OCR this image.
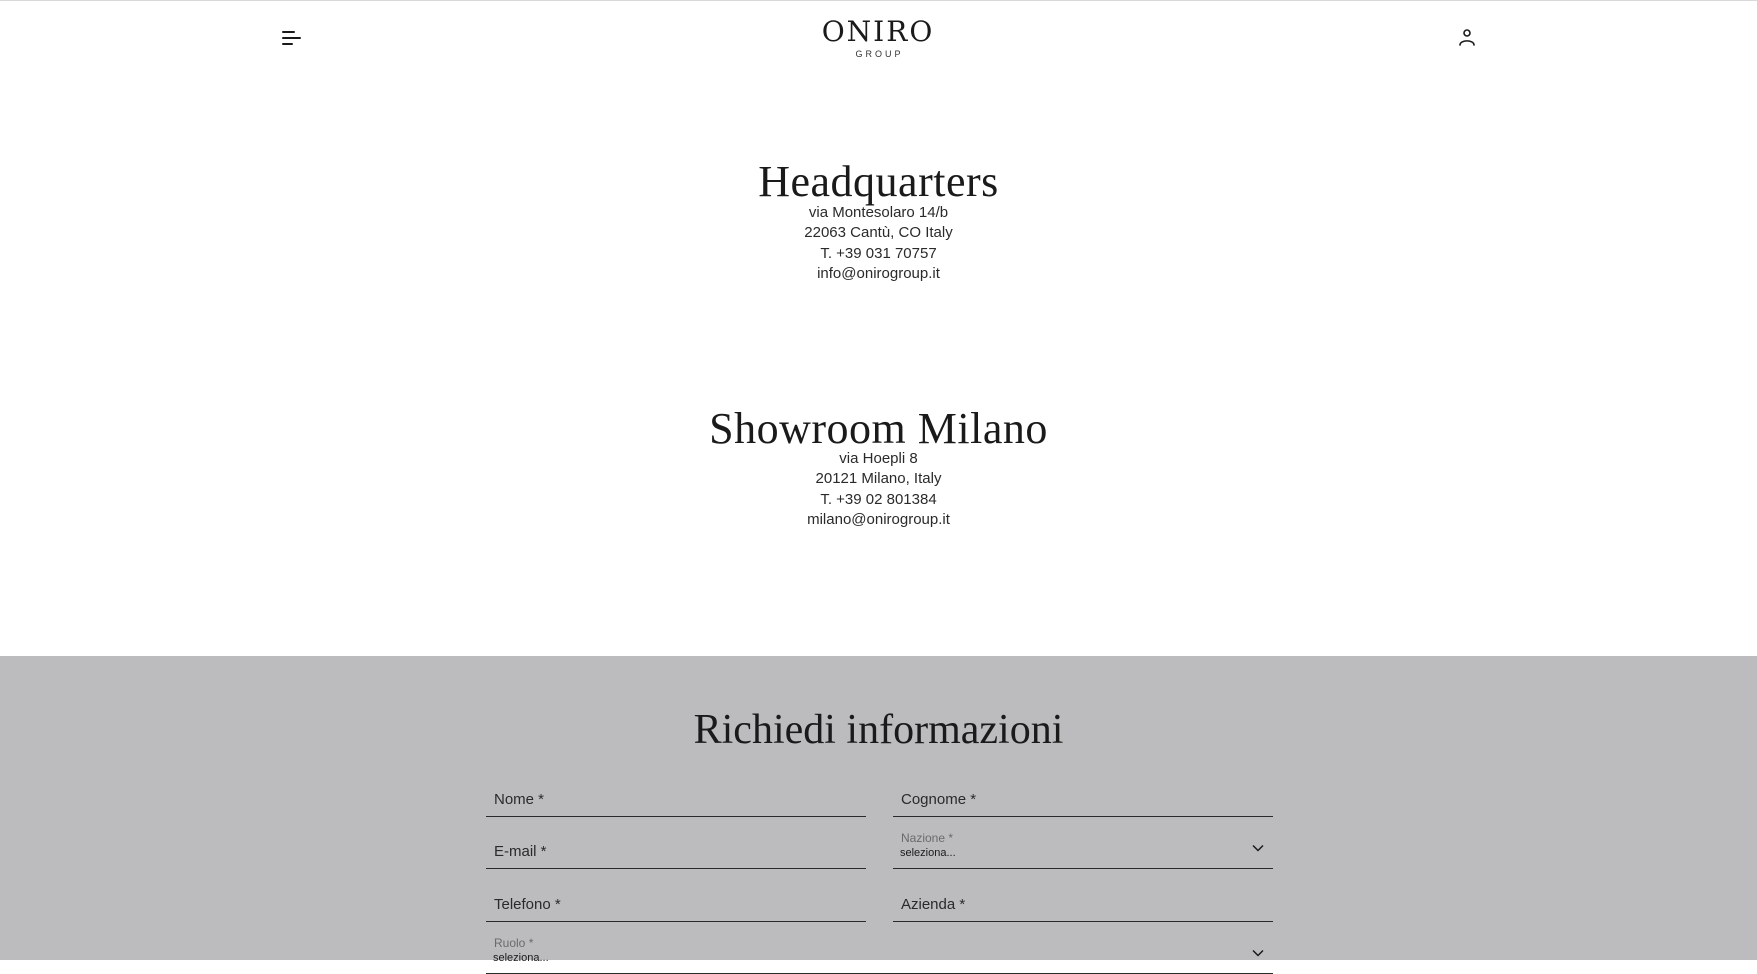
ONIRO
GROUP
Headquarters
via Montesolaro 14/b
22063 Cantù, CO Italy
T. +39 031 70757
info@onirogroup.it
Showroom Milano
via Hoepli 8
20121 Milano, Italy
T. +39 02 801384
milano@onirogroup.it
Richiedi informazioni
Nome *	Cognome *
E-mail *
Nazione *
seleziona...
Telefono *	Azienda *
Ruolo *
seleziona...
